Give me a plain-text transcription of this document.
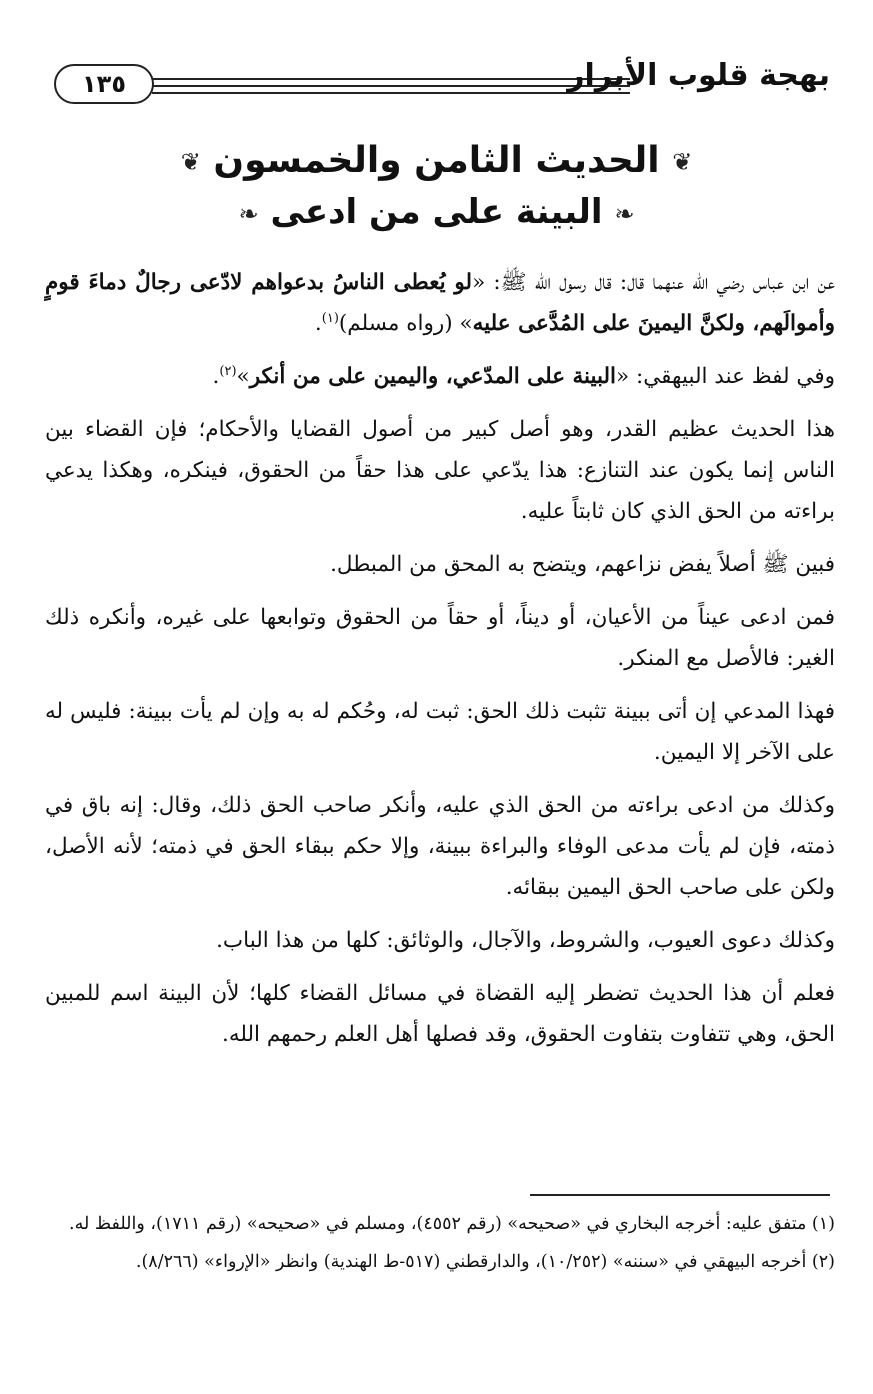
بهجة قلوب الأبرار
١٣٥
❦ الحديث الثامن والخمسون ❦
❧ البينة على من ادعى ❧

عن ابن عباس رضي الله عنهما قال: قال رسول الله ﷺ: «لو يُعطى الناسُ بدعواهم لادّعى رجالٌ دماءَ قومٍ وأموالَهم، ولكنَّ اليمينَ على المُدَّعى عليه» (رواه مسلم)$^{(١)}$.

وفي لفظ عند البيهقي: «البينة على المدّعي، واليمين على من أنكر»$^{(٢)}$.

هذا الحديث عظيم القدر، وهو أصل كبير من أصول القضايا والأحكام؛ فإن القضاء بين الناس إنما يكون عند التنازع: هذا يدّعي على هذا حقاً من الحقوق، فينكره، وهكذا يدعي براءته من الحق الذي كان ثابتاً عليه.

فبين ﷺ أصلاً يفض نزاعهم، ويتضح به المحق من المبطل.

فمن ادعى عيناً من الأعيان، أو ديناً، أو حقاً من الحقوق وتوابعها على غيره، وأنكره ذلك الغير: فالأصل مع المنكر.

فهذا المدعي إن أتى ببينة تثبت ذلك الحق: ثبت له، وحُكم له به وإن لم يأت ببينة: فليس له على الآخر إلا اليمين.

وكذلك من ادعى براءته من الحق الذي عليه، وأنكر صاحب الحق ذلك، وقال: إنه باق في ذمته، فإن لم يأت مدعى الوفاء والبراءة ببينة، وإلا حكم ببقاء الحق في ذمته؛ لأنه الأصل، ولكن على صاحب الحق اليمين ببقائه.

وكذلك دعوى العيوب، والشروط، والآجال، والوثائق: كلها من هذا الباب.

فعلم أن هذا الحديث تضطر إليه القضاة في مسائل القضاء كلها؛ لأن البينة اسم للمبين الحق، وهي تتفاوت بتفاوت الحقوق، وقد فصلها أهل العلم رحمهم الله.

(١) متفق عليه: أخرجه البخاري في «صحيحه» (رقم ٤٥٥٢)، ومسلم في «صحيحه» (رقم ١٧١١)، واللفظ له.

(٢) أخرجه البيهقي في «سننه» (١٠/٢٥٢)، والدارقطني (٥١٧-ط الهندية) وانظر «الإرواء» (٨/٢٦٦).
